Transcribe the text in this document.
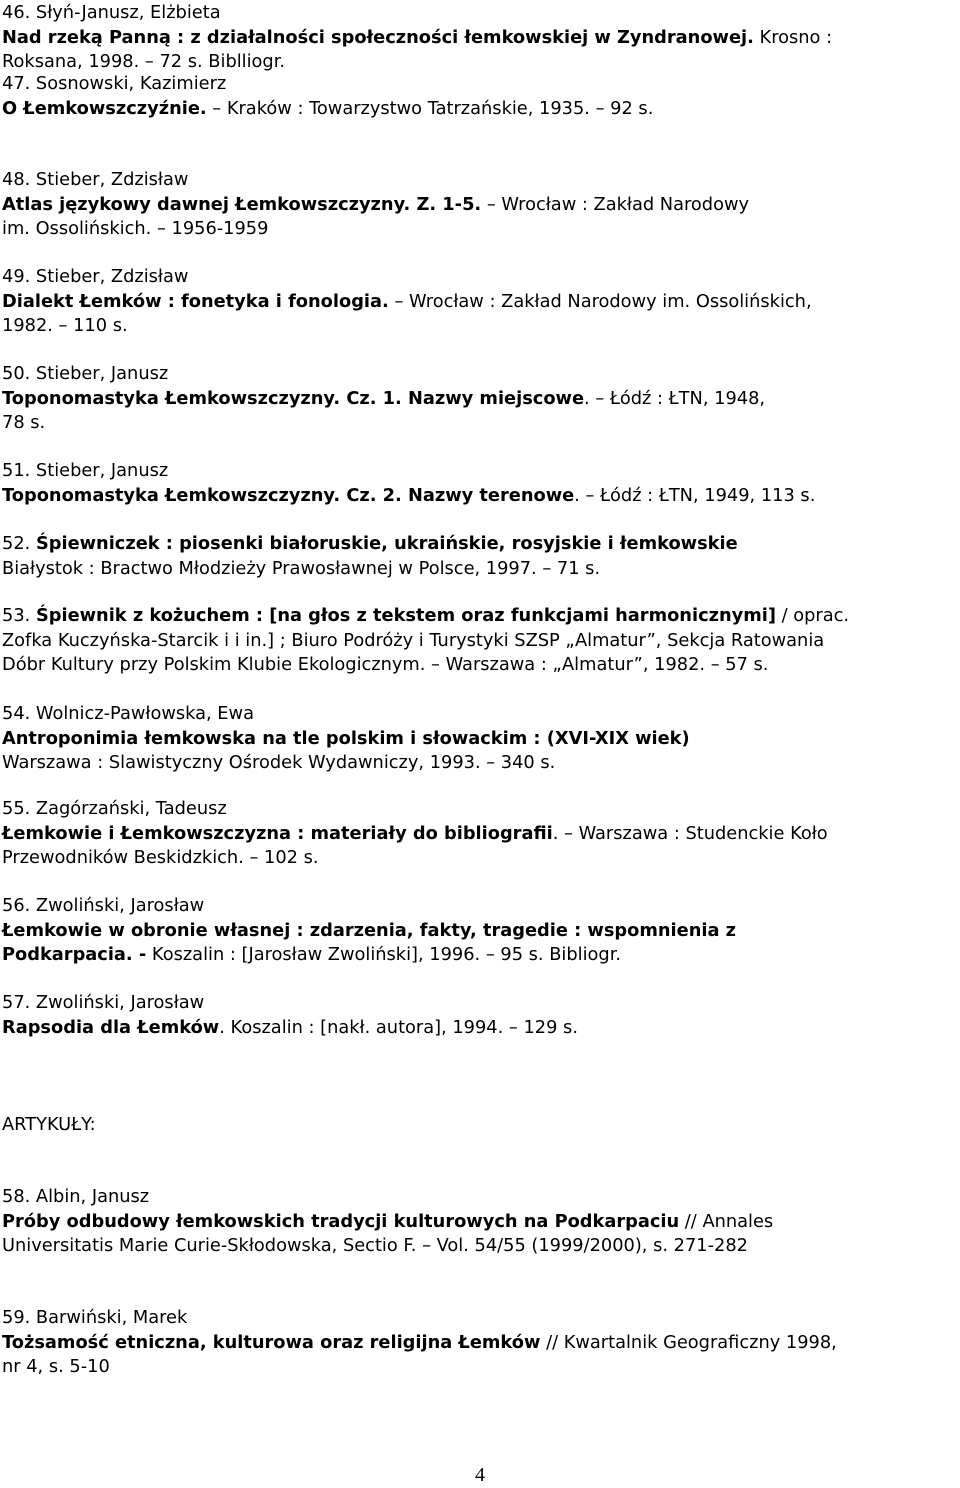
46. Słyń-Janusz, Elżbieta
Nad rzeką Panną : z działalności społeczności łemkowskiej w Zyndranowej. Krosno :
Roksana, 1998. – 72 s. Biblliogr.
47. Sosnowski, Kazimierz
O Łemkowszczyźnie. – Kraków : Towarzystwo Tatrzańskie, 1935. – 92 s.
48. Stieber, Zdzisław
Atlas językowy dawnej Łemkowszczyzny. Z. 1-5. – Wrocław : Zakład Narodowy
im. Ossolińskich. – 1956-1959
49. Stieber, Zdzisław
Dialekt Łemków : fonetyka i fonologia. – Wrocław : Zakład Narodowy im. Ossolińskich,
1982. – 110 s.
50. Stieber, Janusz
Toponomastyka Łemkowszczyzny. Cz. 1. Nazwy miejscowe. – Łódź : ŁTN, 1948,
78 s.
51. Stieber, Janusz
Toponomastyka Łemkowszczyzny. Cz. 2. Nazwy terenowe. – Łódź : ŁTN, 1949, 113 s.
52. Śpiewniczek : piosenki białoruskie, ukraińskie, rosyjskie i łemkowskie
Białystok : Bractwo Młodzieży Prawosławnej w Polsce, 1997. – 71 s.
53. Śpiewnik z kożuchem : [na głos z tekstem oraz funkcjami harmonicznymi] / oprac.
Zofka Kuczyńska-Starcik i i in.] ; Biuro Podróży i Turystyki SZSP „Almatur”, Sekcja Ratowania
Dóbr Kultury przy Polskim Klubie Ekologicznym. – Warszawa : „Almatur”, 1982. – 57 s.
54. Wolnicz-Pawłowska, Ewa
Antroponimia łemkowska na tle polskim i słowackim : (XVI-XIX wiek)
Warszawa : Slawistyczny Ośrodek Wydawniczy, 1993. – 340 s.
55. Zagórzański, Tadeusz
Łemkowie i Łemkowszczyzna : materiały do bibliografii. – Warszawa : Studenckie Koło
Przewodników Beskidzkich. – 102 s.
56. Zwoliński, Jarosław
Łemkowie w obronie własnej : zdarzenia, fakty, tragedie : wspomnienia z
Podkarpacia. - Koszalin : [Jarosław Zwoliński], 1996. – 95 s. Bibliogr.
57. Zwoliński, Jarosław
Rapsodia dla Łemków. Koszalin : [nakł. autora], 1994. – 129 s.
ARTYKUŁY:
58. Albin, Janusz
Próby odbudowy łemkowskich tradycji kulturowych na Podkarpaciu // Annales
Universitatis Marie Curie-Skłodowska, Sectio F. – Vol. 54/55 (1999/2000), s. 271-282
59. Barwiński, Marek
Tożsamość etniczna, kulturowa oraz religijna Łemków // Kwartalnik Geograficzny 1998,
nr 4, s. 5-10
4
